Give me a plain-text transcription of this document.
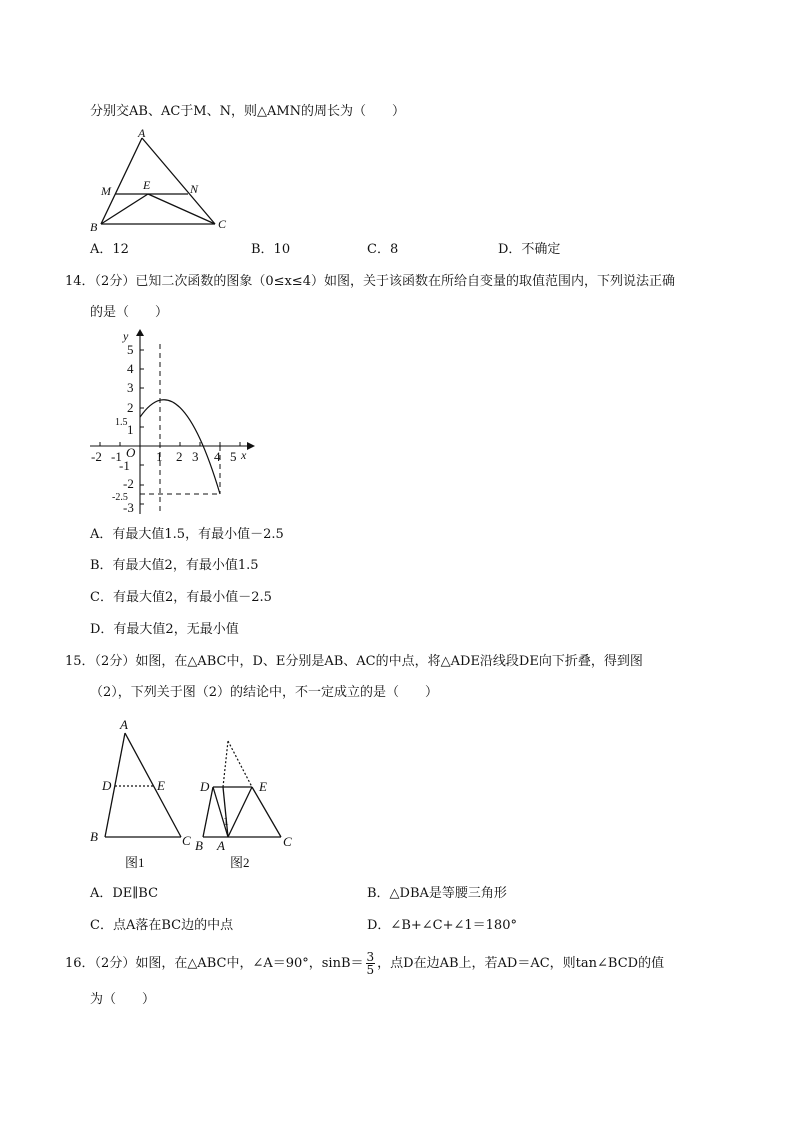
分别交AB、AC于M、N，则△AMN的周长为（　　）
A
M	E	N
B	C
A．12	B．10	C．8	D．不确定
14．（2分）已知二次函数的图象（0≤x≤4）如图，关于该函数在所给自变量的取值范围内，下列说法正确
的是（　　）
5
4
3
2
1.5 1
-1
-2
-2.5
-3
-2 -1 O 1 2 3 4 5 x
y
A．有最大值1.5，有最小值－2.5
B．有最大值2，有最小值1.5
C．有最大值2，有最小值－2.5
D．有最大值2，无最小值
15．（2分）如图，在△ABC中，D、E分别是AB、AC的中点，将△ADE沿线段DE向下折叠，得到图
（2），下列关于图（2）的结论中，不一定成立的是（　　）
A
D	E
B	C
图1
D	E
1
B A	C
图2
A．DE∥BC	B．△DBA是等腰三角形
C．点A落在BC边的中点	D．∠B+∠C+∠1＝180°
16．（2分）如图，在△ABC中，∠A＝90°，$\sin B= \frac{3}{5}$ ，点D在边AB上，若AD＝AC，则tan∠BCD的值
为（　　）
